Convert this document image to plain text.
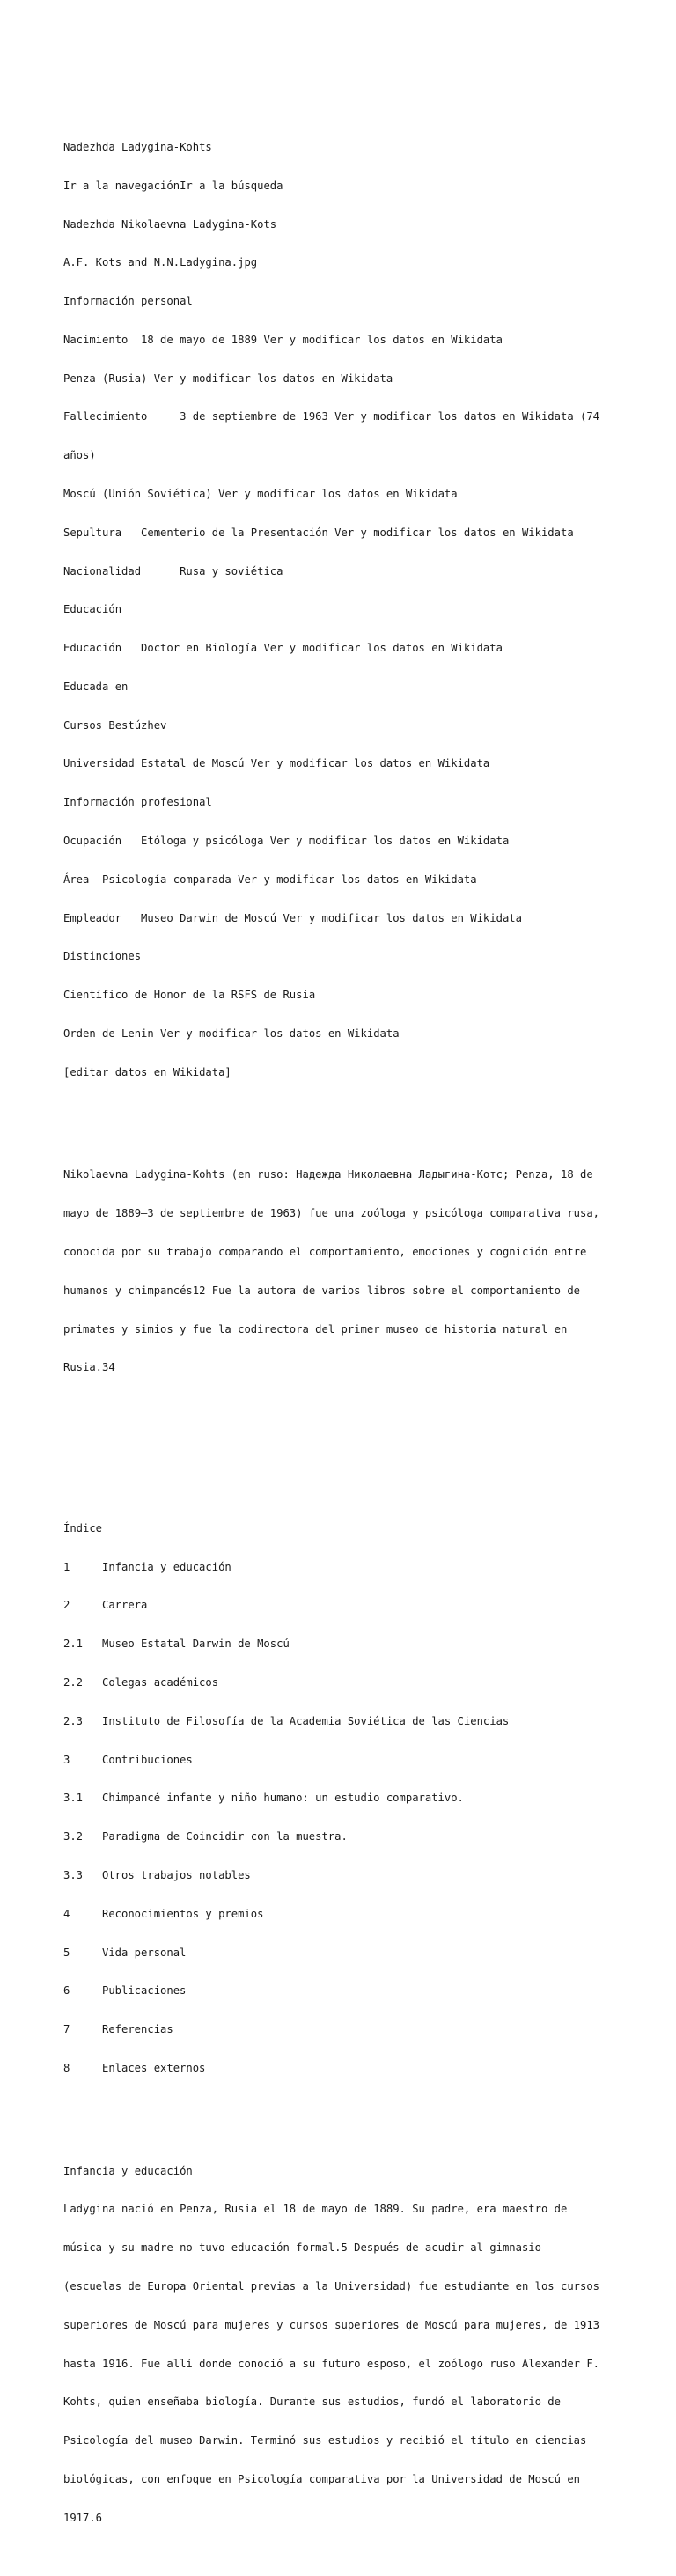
Nadezhda Ladygina-Kohts

Ir a la navegaciónIr a la búsqueda

Nadezhda Nikolaevna Ladygina-Kots

A.F. Kots and N.N.Ladygina.jpg

Información personal

Nacimiento  18 de mayo de 1889 Ver y modificar los datos en Wikidata

Penza (Rusia) Ver y modificar los datos en Wikidata

Fallecimiento     3 de septiembre de 1963 Ver y modificar los datos en Wikidata (74

años)

Moscú (Unión Soviética) Ver y modificar los datos en Wikidata

Sepultura   Cementerio de la Presentación Ver y modificar los datos en Wikidata

Nacionalidad      Rusa y soviética

Educación

Educación   Doctor en Biología Ver y modificar los datos en Wikidata

Educada en

Cursos Bestúzhev

Universidad Estatal de Moscú Ver y modificar los datos en Wikidata

Información profesional

Ocupación   Etóloga y psicóloga Ver y modificar los datos en Wikidata

Área  Psicología comparada Ver y modificar los datos en Wikidata

Empleador   Museo Darwin de Moscú Ver y modificar los datos en Wikidata

Distinciones

Científico de Honor de la RSFS de Rusia

Orden de Lenin Ver y modificar los datos en Wikidata

[editar datos en Wikidata]

Nikolaevna Ladygina-Kohts (en ruso: Надежда Николаевна Ладыгина-Котс; Penza, 18 de

mayo de 1889–3 de septiembre de 1963) fue una zoóloga y psicóloga comparativa rusa,

conocida por su trabajo comparando el comportamiento, emociones y cognición entre

humanos y chimpancés12 Fue la autora de varios libros sobre el comportamiento de

primates y simios y fue la codirectora del primer museo de historia natural en

Rusia.34

Índice

1	Infancia y educación

2	Carrera

2.1	Museo Estatal Darwin de Moscú

2.2	Colegas académicos

2.3	Instituto de Filosofía de la Academia Soviética de las Ciencias

3	Contribuciones

3.1	Chimpancé infante y niño humano: un estudio comparativo.

3.2	Paradigma de Coincidir con la muestra.

3.3	Otros trabajos notables

4	Reconocimientos y premios

5	Vida personal

6	Publicaciones

7	Referencias

8	Enlaces externos

Infancia y educación

Ladygina nació en Penza, Rusia el 18 de mayo de 1889. Su padre, era maestro de

música y su madre no tuvo educación formal.5 Después de acudir al gimnasio

(escuelas de Europa Oriental previas a la Universidad) fue estudiante en los cursos

superiores de Moscú para mujeres y cursos superiores de Moscú para mujeres, de 1913

hasta 1916. Fue allí donde conoció a su futuro esposo, el zoólogo ruso Alexander F.

Kohts, quien enseñaba biología. Durante sus estudios, fundó el laboratorio de

Psicología del museo Darwin. Terminó sus estudios y recibió el título en ciencias

biológicas, con enfoque en Psicología comparativa por la Universidad de Moscú en

1917.6
